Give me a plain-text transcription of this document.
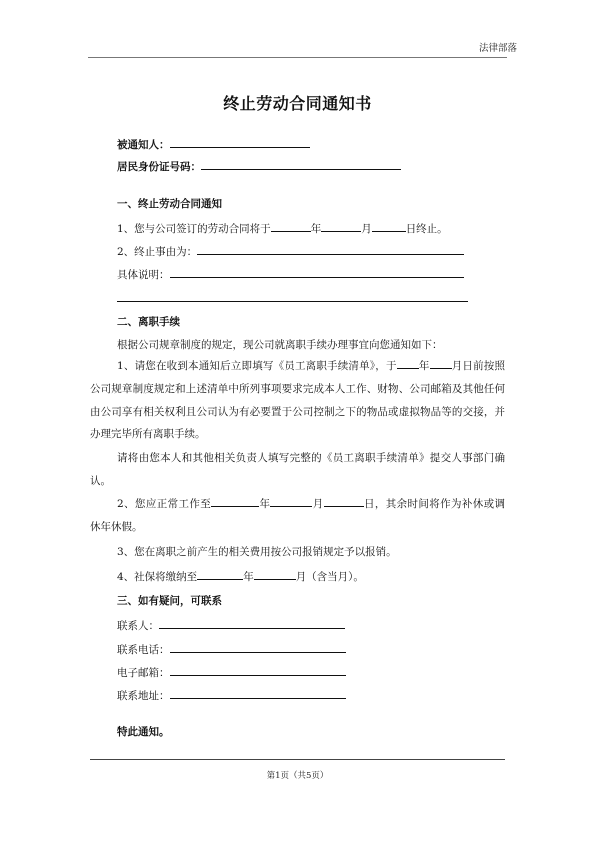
法律部落
终止劳动合同通知书
被通知人：
居民身份证号码：
一、终止劳动合同通知
1、您与公司签订的劳动合同将于	年	月	日终止。
2、终止事由为：
具体说明：
二、离职手续
根据公司规章制度的规定，现公司就离职手续办理事宜向您通知如下：
1、请您在收到本通知后立即填写《员工离职手续清单》，于 年 月日前按照公司规章制度规定和上述清单中所列事项要求完成本人工作、财物、公司邮箱及其他任何由公司享有相关权利且公司认为有必要置于公司控制之下的物品或虚拟物品等的交接，并办理完毕所有离职手续。
请将由您本人和其他相关负责人填写完整的《员工离职手续清单》提交人事部门确认。
2、您应正常工作至	年	月	日，其余时间将作为补休或调休年休假。
3、您在离职之前产生的相关费用按公司报销规定予以报销。
4、社保将缴纳至	年	月（含当月）。
三、如有疑问，可联系
联系人：
联系电话：
电子邮箱：
联系地址：
特此通知。
第1页（共5页）
